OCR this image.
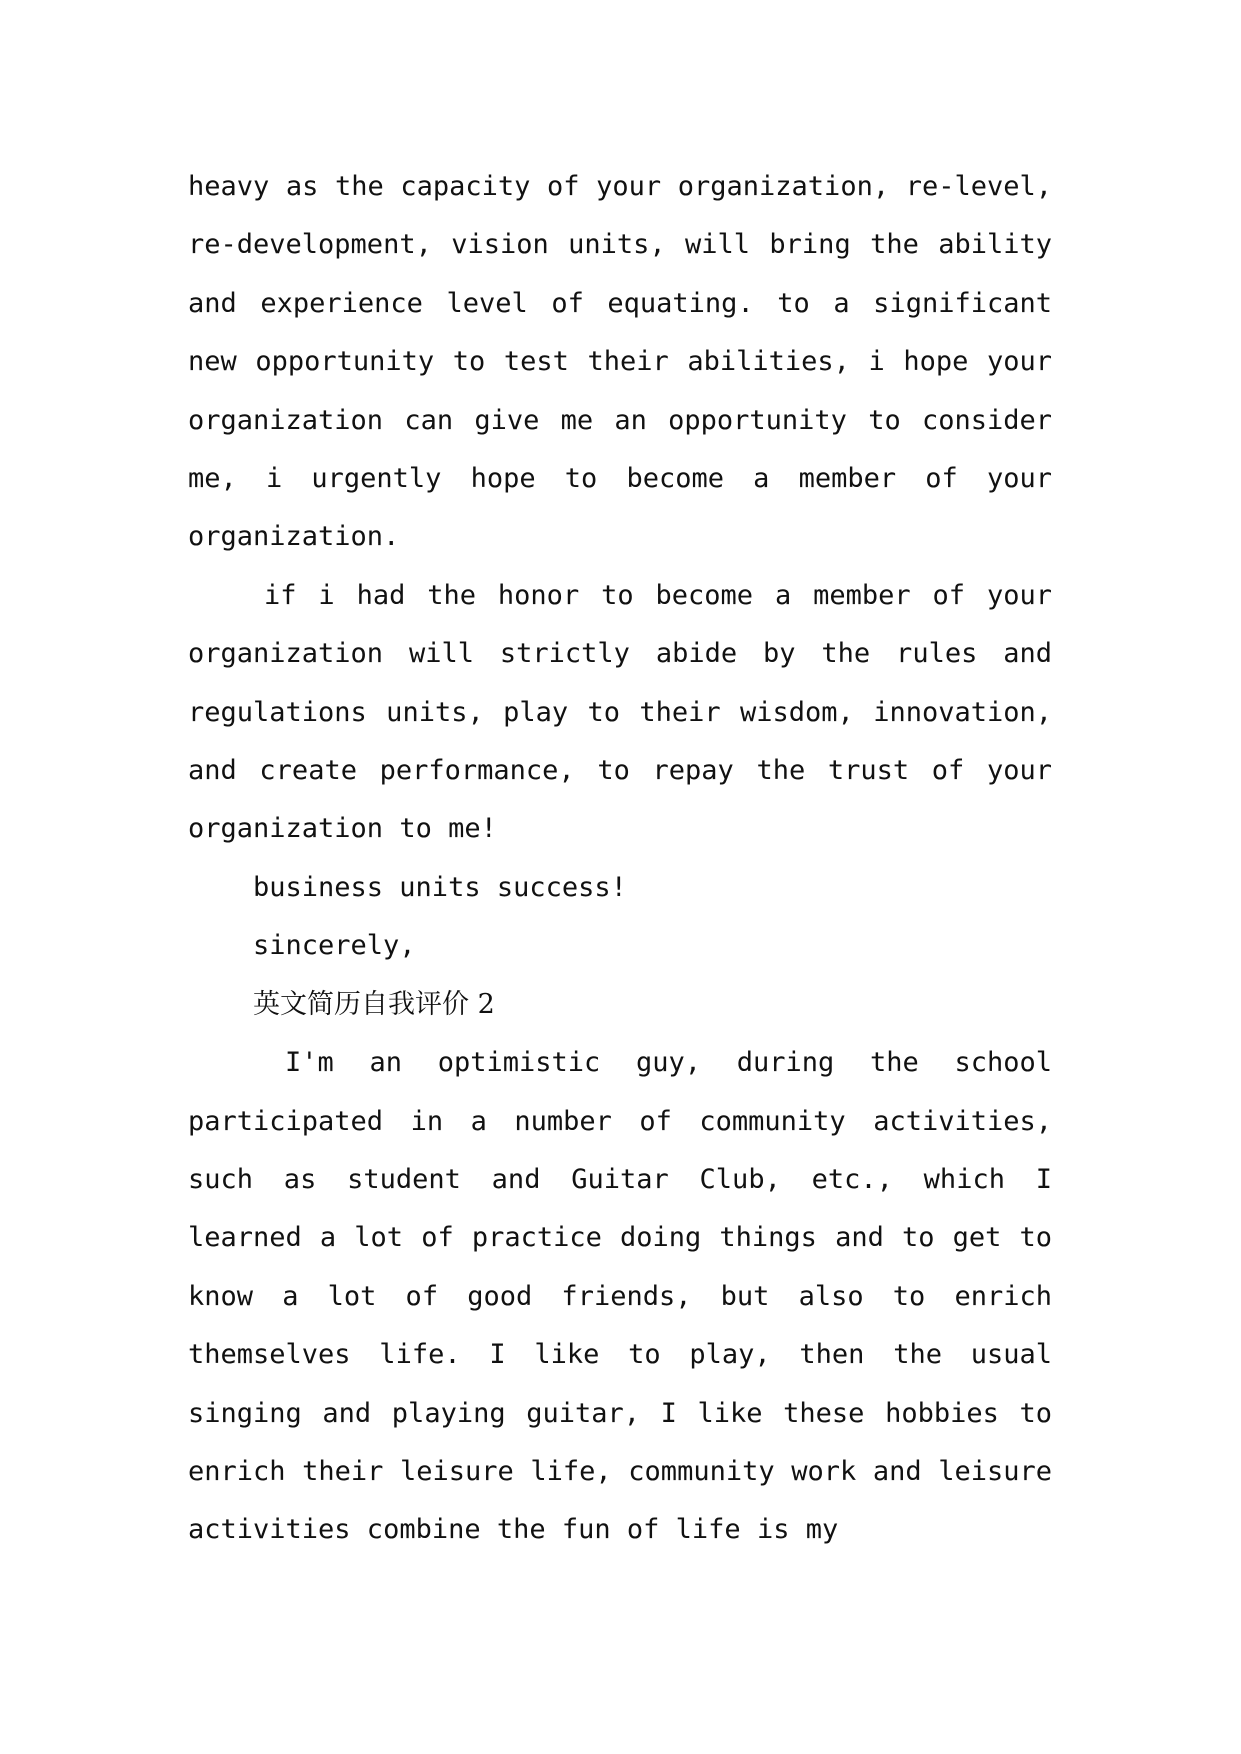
heavy as the capacity of your organization, re-level, re-development, vision units, will bring the ability and experience level of equating. to a significant new opportunity to test their abilities, i hope your organization can give me an opportunity to consider me, i urgently hope to become a member of your organization.

if i had the honor to become a member of your organization will strictly abide by the rules and regulations units, play to their wisdom, innovation, and create performance, to repay the trust of your organization to me!

business units success!

sincerely,

英文简历自我评价 2

I'm an optimistic guy, during the school participated in a number of community activities, such as student and Guitar Club, etc., which I learned a lot of practice doing things and to get to know a lot of good friends, but also to enrich themselves life. I like to play, then the usual singing and playing guitar, I like these hobbies to enrich their leisure life, community work and leisure activities combine the fun of life is my
